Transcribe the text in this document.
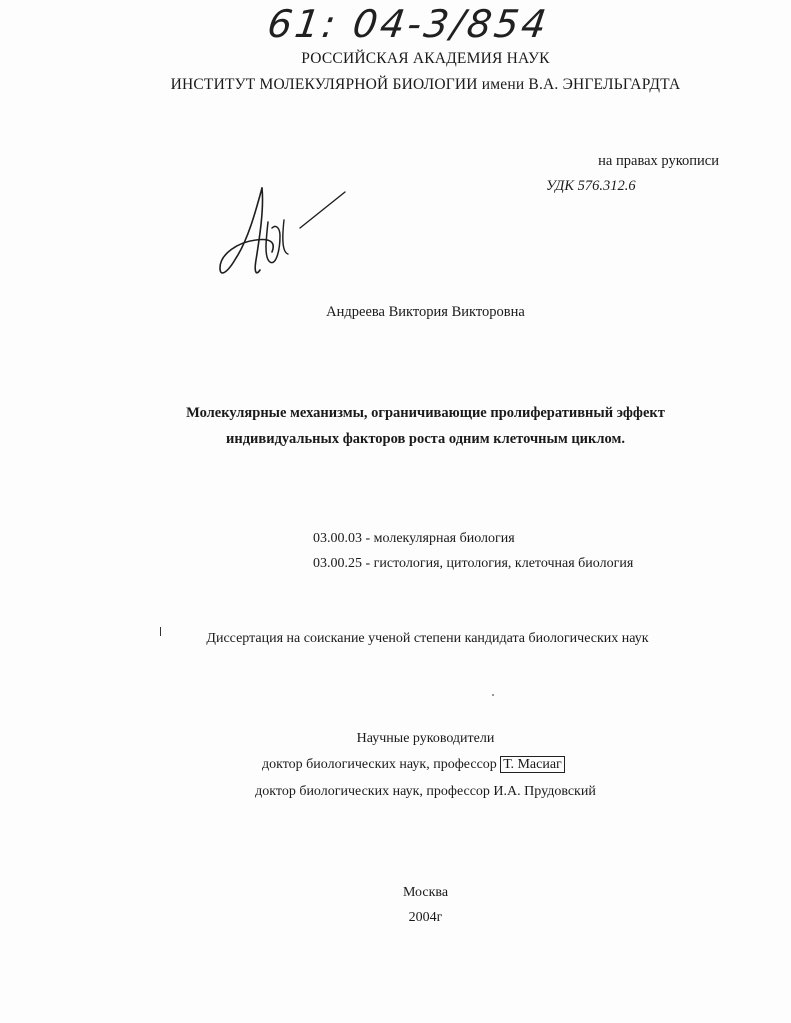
61: 04-3/854
РОССИЙСКАЯ АКАДЕМИЯ НАУК
ИНСТИТУТ МОЛЕКУЛЯРНОЙ БИОЛОГИИ имени В.А. ЭНГЕЛЬГАРДТА
на правах рукописи
УДК 576.312.6
Андреева Виктория Викторовна
Молекулярные механизмы, ограничивающие пролиферативный эффект
индивидуальных факторов роста одним клеточным циклом.
03.00.03 - молекулярная биология
03.00.25 - гистология, цитология, клеточная биология
Диссертация на соискание ученой степени кандидата биологических наук
Научные руководители
доктор биологических наук, профессор Т. Масиаг
доктор биологических наук, профессор И.А. Прудовский
Москва
2004г
